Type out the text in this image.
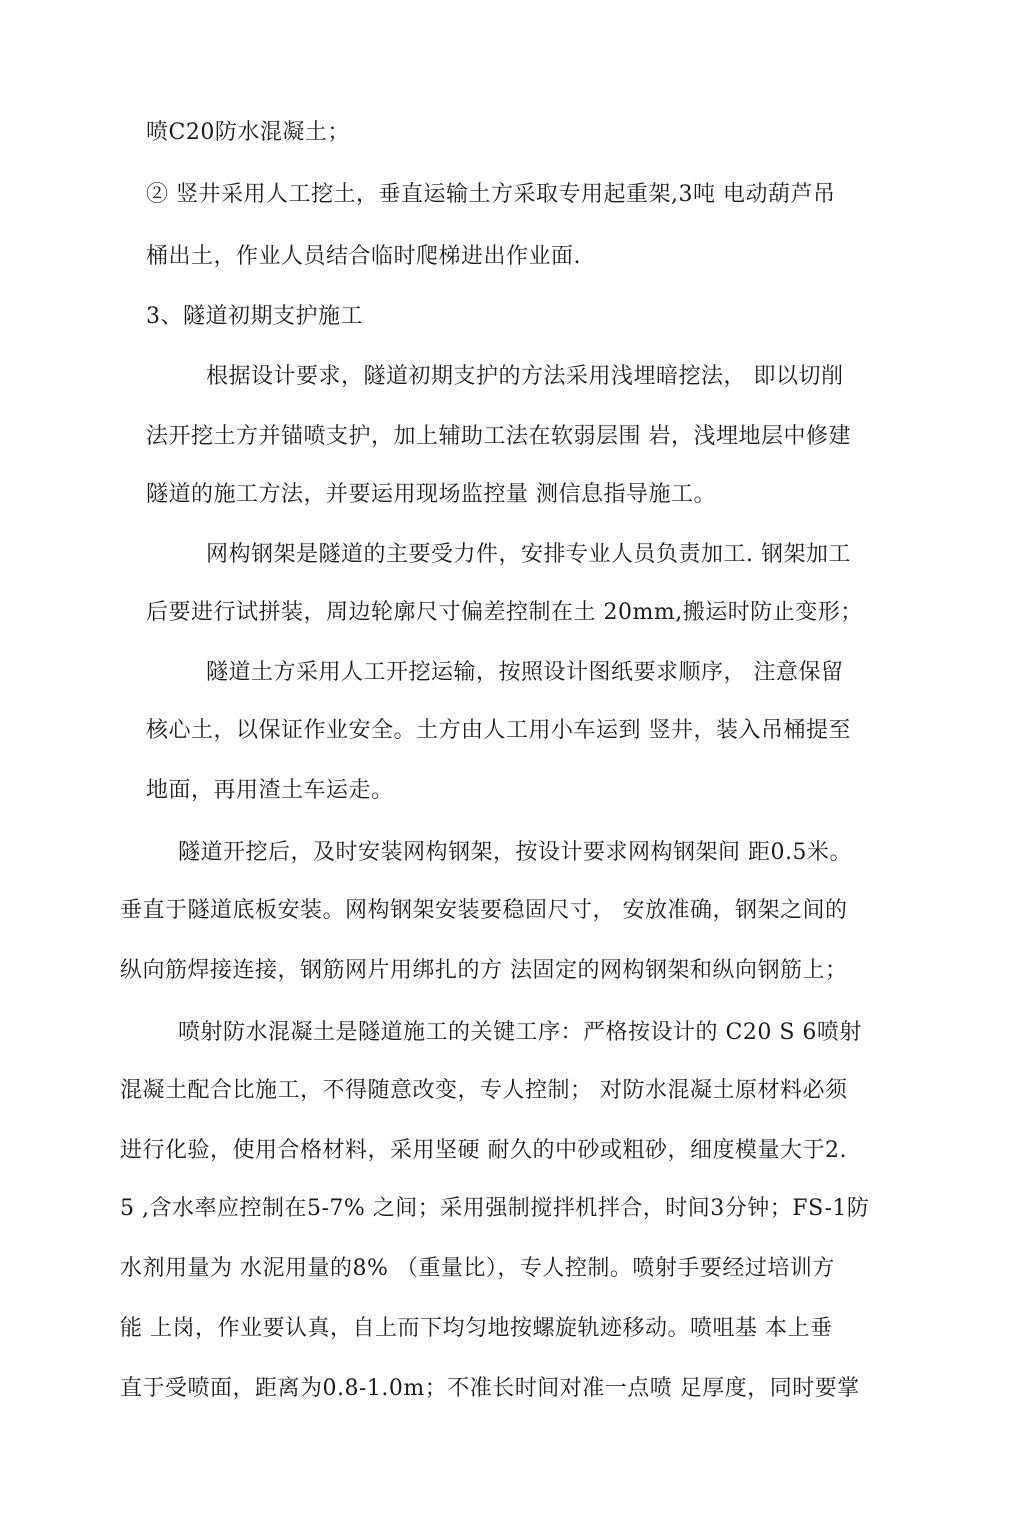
喷C20防水混凝土；
② 竖井采用人工挖土，垂直运输土方采取专用起重架,3吨 电动葫芦吊
桶出土，作业人员结合临时爬梯进出作业面.
3、隧道初期支护施工
根据设计要求，隧道初期支护的方法采用浅埋暗挖法， 即以切削
法开挖土方并锚喷支护，加上辅助工法在软弱层围 岩，浅埋地层中修建
隧道的施工方法，并要运用现场监控量 测信息指导施工。
网构钢架是隧道的主要受力件，安排专业人员负责加工. 钢架加工
后要进行试拼装，周边轮廓尺寸偏差控制在土 20mm,搬运时防止变形；
隧道土方采用人工开挖运输，按照设计图纸要求顺序， 注意保留
核心土，以保证作业安全。土方由人工用小车运到 竖井，装入吊桶提至
地面，再用渣土车运走。
隧道开挖后，及时安装网构钢架，按设计要求网构钢架间 距0.5米。
垂直于隧道底板安装。网构钢架安装要稳固尺寸， 安放准确，钢架之间的
纵向筋焊接连接，钢筋网片用绑扎的方 法固定的网构钢架和纵向钢筋上；
喷射防水混凝土是隧道施工的关键工序：严格按设计的 C20 S 6喷射
混凝土配合比施工，不得随意改变，专人控制； 对防水混凝土原材料必须
进行化验，使用合格材料，采用坚硬 耐久的中砂或粗砂，细度模量大于2.
5 ,含水率应控制在5-7% 之间；采用强制搅拌机拌合，时间3分钟；FS-1防
水剂用量为 水泥用量的8% （重量比），专人控制。喷射手要经过培训方
能 上岗，作业要认真，自上而下均匀地按螺旋轨迹移动。喷咀基 本上垂
直于受喷面，距离为0.8-1.0m；不准长时间对准一点喷 足厚度，同时要掌
